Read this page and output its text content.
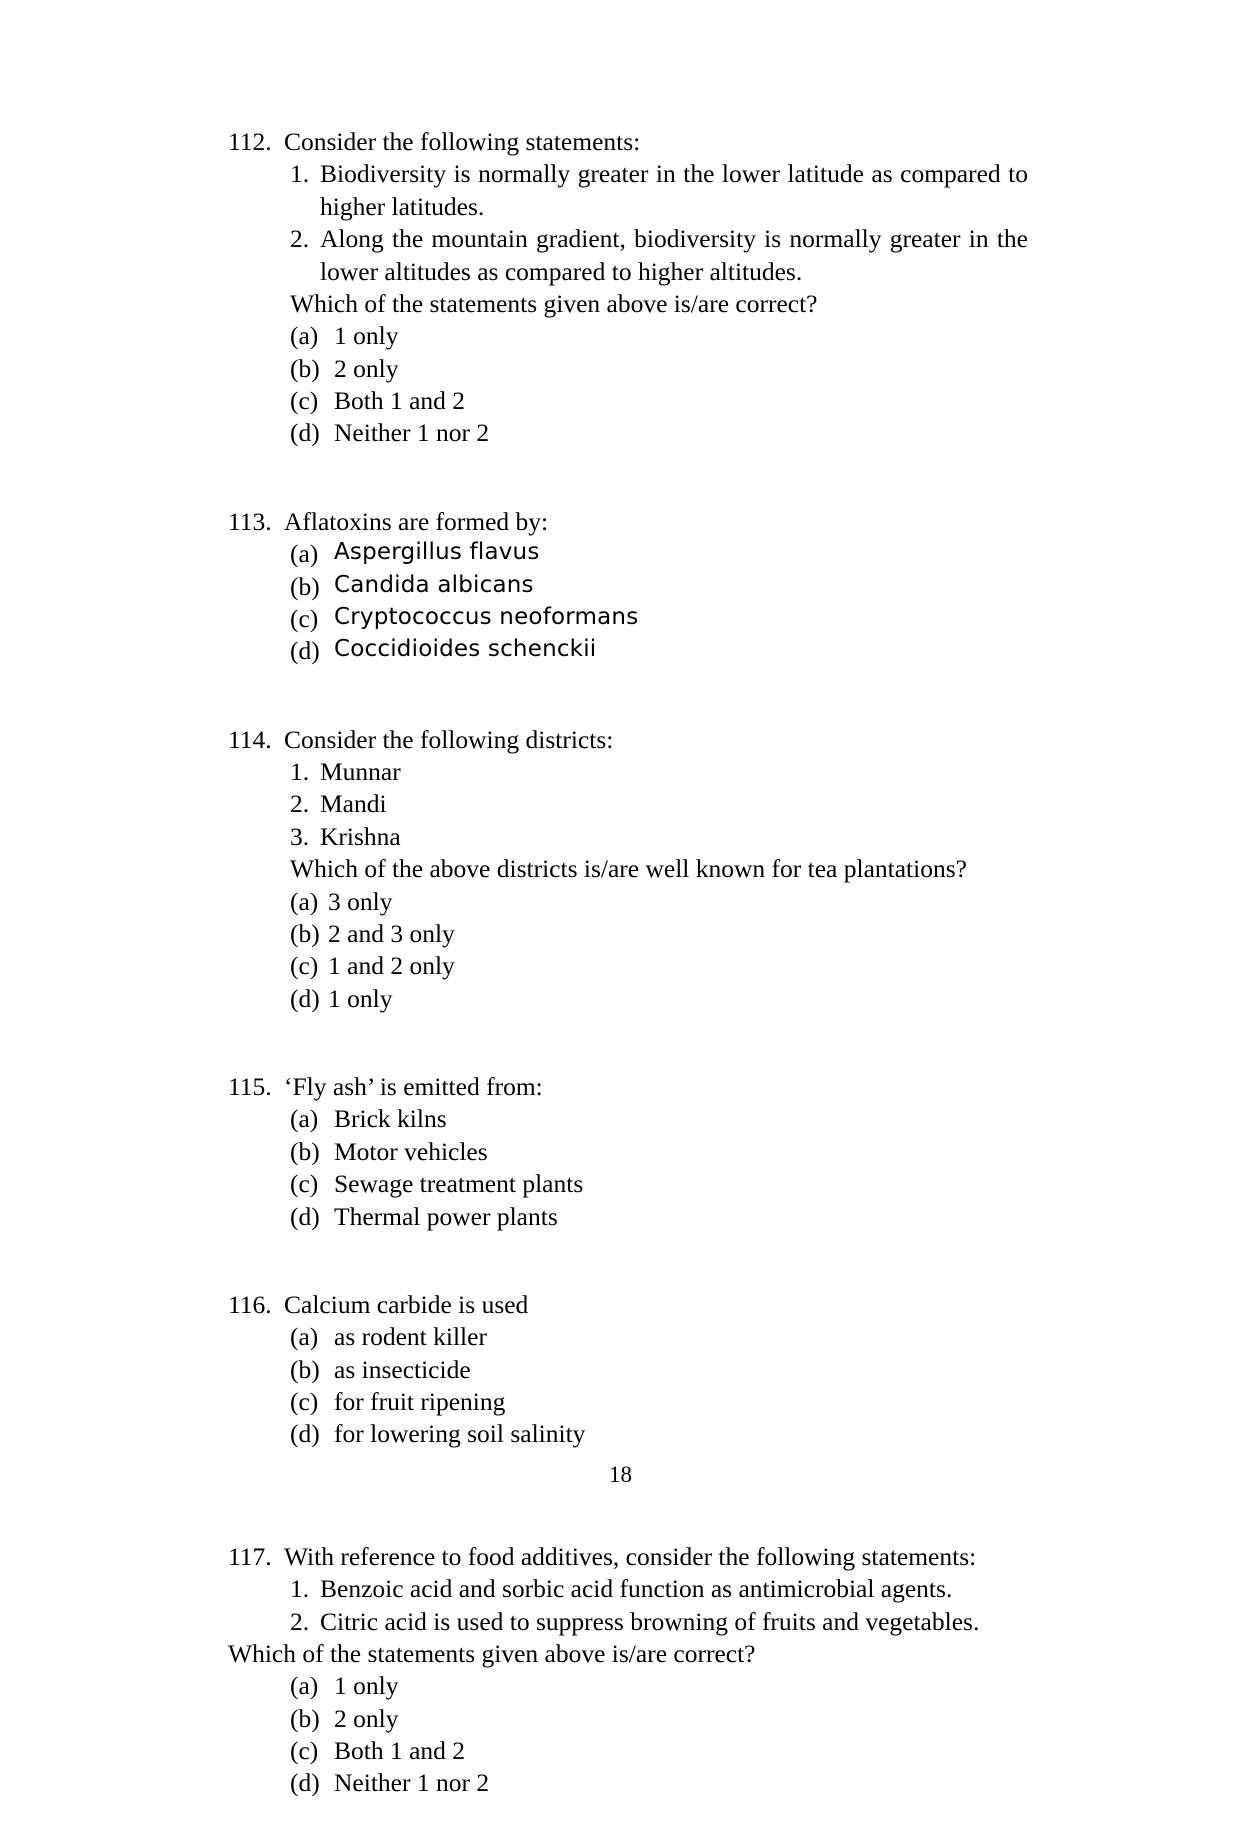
112. Consider the following statements:
1. Biodiversity is normally greater in the lower latitude as compared to higher latitudes.
2. Along the mountain gradient, biodiversity is normally greater in the lower altitudes as compared to higher altitudes.
Which of the statements given above is/are correct?
(a) 1 only
(b) 2 only
(c) Both 1 and 2
(d) Neither 1 nor 2
113. Aflatoxins are formed by:
(a) Aspergillus flavus
(b) Candida albicans
(c) Cryptococcus neoformans
(d) Coccidioides schenckii
114. Consider the following districts:
1. Munnar
2. Mandi
3. Krishna
Which of the above districts is/are well known for tea plantations?
(a) 3 only
(b) 2 and 3 only
(c) 1 and 2 only
(d) 1 only
115. ‘Fly ash’ is emitted from:
(a) Brick kilns
(b) Motor vehicles
(c) Sewage treatment plants
(d) Thermal power plants
116. Calcium carbide is used
(a) as rodent killer
(b) as insecticide
(c) for fruit ripening
(d) for lowering soil salinity
117. With reference to food additives, consider the following statements:
1. Benzoic acid and sorbic acid function as antimicrobial agents.
2. Citric acid is used to suppress browning of fruits and vegetables.
Which of the statements given above is/are correct?
(a) 1 only
(b) 2 only
(c) Both 1 and 2
(d) Neither 1 nor 2
18
